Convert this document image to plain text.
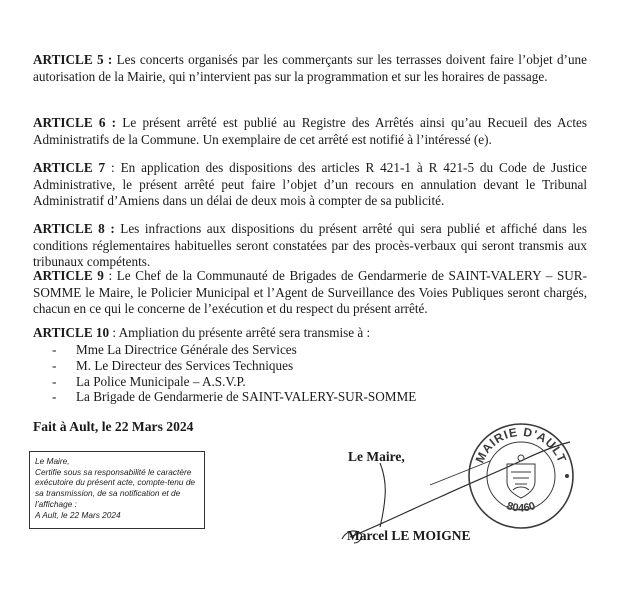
ARTICLE 5 : Les concerts organisés par les commerçants sur les terrasses doivent faire l’objet d’une autorisation de la Mairie, qui n’intervient pas sur la programmation et sur les horaires de passage.

ARTICLE 6 : Le présent arrêté est publié au Registre des Arrêtés ainsi qu’au Recueil des Actes Administratifs de la Commune. Un exemplaire de cet arrêté est notifié à l’intéressé (e).

ARTICLE 7 : En application des dispositions des articles R 421-1 à R 421-5 du Code de Justice Administrative, le présent arrêté peut faire l’objet d’un recours en annulation devant le Tribunal Administratif d’Amiens dans un délai de deux mois à compter de sa publicité.

ARTICLE 8 : Les infractions aux dispositions du présent arrêté qui sera publié et affiché dans les conditions réglementaires habituelles seront constatées par des procès-verbaux qui seront transmis aux tribunaux compétents.

ARTICLE 9 : Le Chef de la Communauté de Brigades de Gendarmerie de SAINT-VALERY – SUR-SOMME le Maire, le Policier Municipal et l’Agent de Surveillance des Voies Publiques seront chargés, chacun en ce qui le concerne de l’exécution et du respect du présent arrêté.

ARTICLE 10 : Ampliation du présente arrêté sera transmise à :

- Mme La Directrice Générale des Services
- M. Le Directeur des Services Techniques
- La Police Municipale – A.S.V.P.
- La Brigade de Gendarmerie de SAINT-VALERY-SUR-SOMME
Fait à Ault, le 22 Mars 2024
Le Maire,
Certifie sous sa responsabilité le caractère
exécutoire du présent acte, compte-tenu de
sa transmission, de sa notification et de
l’affichage :
A Ault, le 22 Mars 2024
Le Maire,	MAIRIE D'AULT
80460
Marcel LE MOIGNE
